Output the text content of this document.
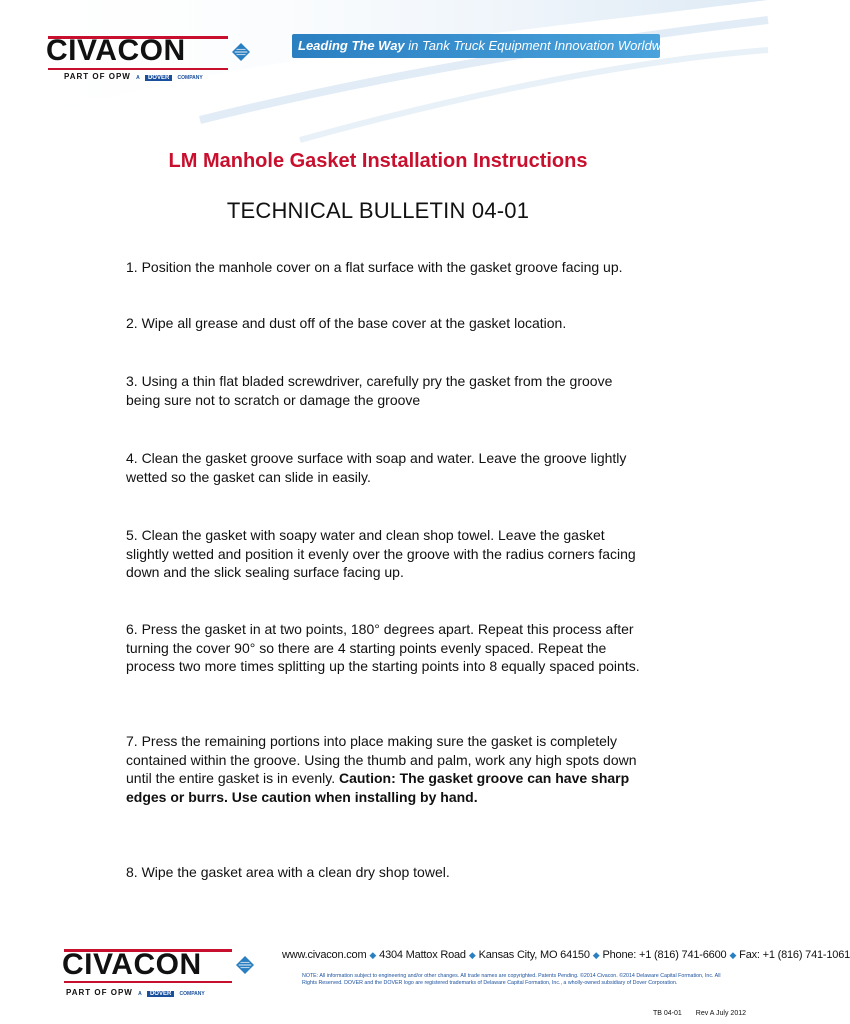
CIVACON
PART OF OPW A DOVER COMPANY
Leading The Way in Tank Truck Equipment Innovation Worldwide
LM Manhole Gasket Installation Instructions
TECHNICAL BULLETIN 04-01
1. Position the manhole cover on a flat surface with the gasket groove facing up.
2. Wipe all grease and dust off of the base cover at the gasket location.
3. Using a thin flat bladed screwdriver, carefully pry the gasket from the groove being sure not to scratch or damage the groove
4. Clean the gasket groove surface with soap and water. Leave the groove lightly wetted so the gasket can slide in easily.
5. Clean the gasket with soapy water and clean shop towel. Leave the gasket slightly wetted and position it evenly over the groove with the radius corners facing down and the slick sealing surface facing up.
6. Press the gasket in at two points, 180° degrees apart. Repeat this process after turning the cover 90° so there are 4 starting points evenly spaced. Repeat the process two more times splitting up the starting points into 8 equally spaced points.
7. Press the remaining portions into place making sure the gasket is completely contained within the groove. Using the thumb and palm, work any high spots down until the entire gasket is in evenly. Caution: The gasket groove can have sharp edges or burrs. Use caution when installing by hand.
8. Wipe the gasket area with a clean dry shop towel.
CIVACON
PART OF OPW A DOVER COMPANY
www.civacon.com ◆ 4304 Mattox Road ◆ Kansas City, MO 64150 ◆ Phone: +1 (816) 741-6600 ◆ Fax: +1 (816) 741-1061
NOTE: All information subject to engineering and/or other changes. All trade names are copyrighted. Patents Pending. ©2014 Civacon. ©2014 Delaware Capital Formation, Inc. All Rights Reserved. DOVER and the DOVER logo are registered trademarks of Delaware Capital Formation, Inc., a wholly-owned subsidiary of Dover Corporation.
TB 04-01 Rev A July 2012
